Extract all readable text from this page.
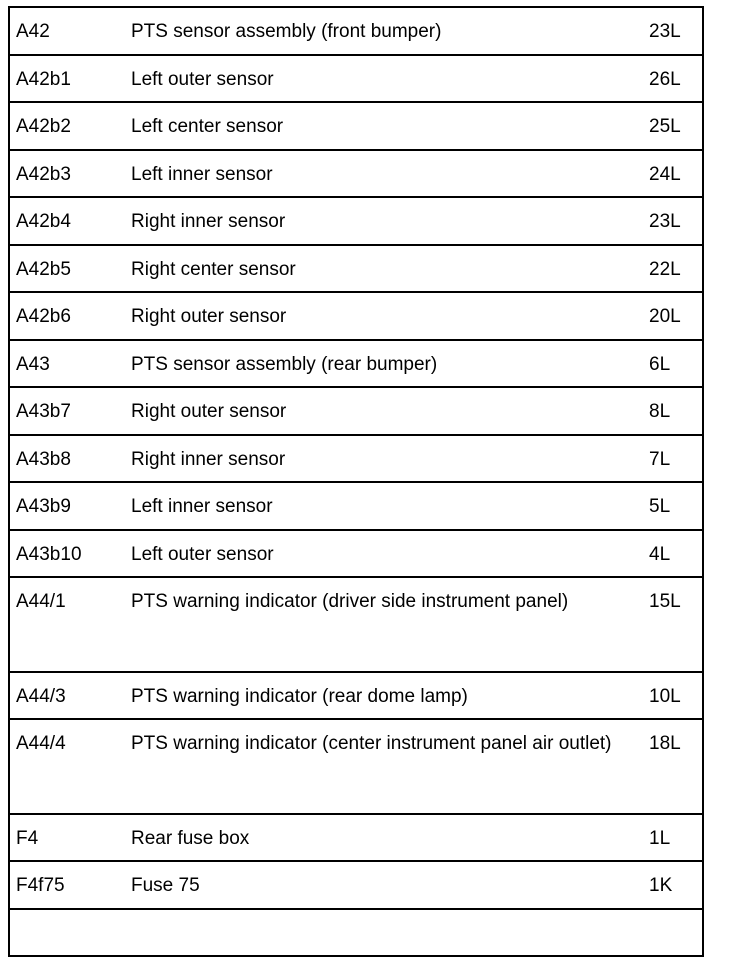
A42	PTS sensor assembly (front bumper)	23L
A42b1	Left outer sensor	26L
A42b2	Left center sensor	25L
A42b3	Left inner sensor	24L
A42b4	Right inner sensor	23L
A42b5	Right center sensor	22L
A42b6	Right outer sensor	20L
A43	PTS sensor assembly (rear bumper)	6L
A43b7	Right outer sensor	8L
A43b8	Right inner sensor	7L
A43b9	Left inner sensor	5L
A43b10	Left outer sensor	4L
A44/1	PTS warning indicator (driver side instrument panel)	15L
A44/3	PTS warning indicator (rear dome lamp)	10L
A44/4	PTS warning indicator (center instrument panel air outlet)	18L
F4	Rear fuse box	1L
F4f75	Fuse 75	1K
